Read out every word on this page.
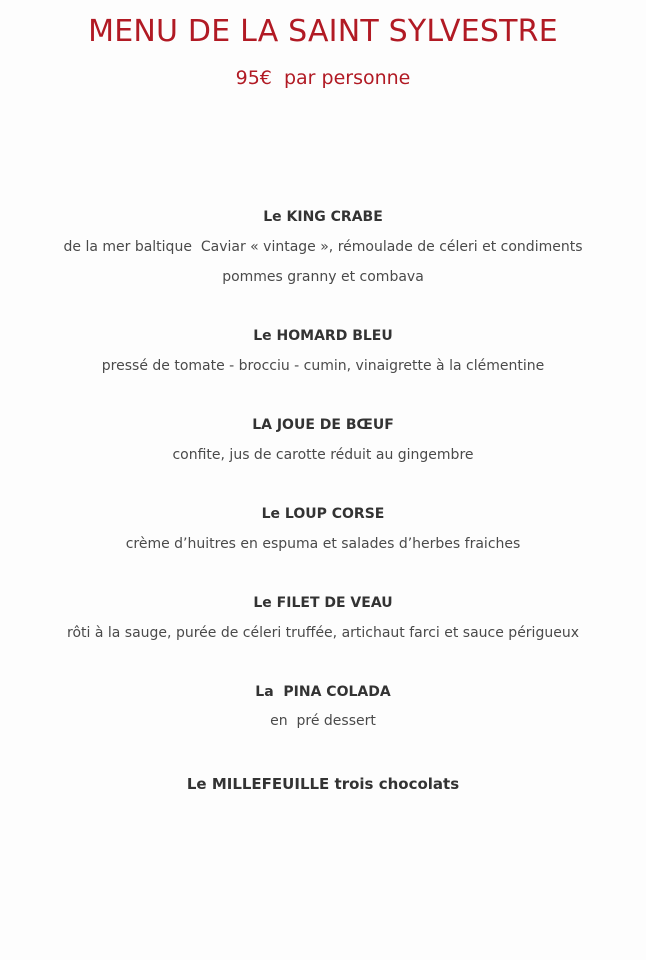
MENU DE LA SAINT SYLVESTRE
95€  par personne
Le KING CRABE
de la mer baltique  Caviar « vintage », rémoulade de céleri et condiments
pommes granny et combava
Le HOMARD BLEU
pressé de tomate - brocciu - cumin, vinaigrette à la clémentine
LA JOUE DE BŒUF
confite, jus de carotte réduit au gingembre
Le LOUP CORSE
crème d’huitres en espuma et salades d’herbes fraiches
Le FILET DE VEAU
rôti à la sauge, purée de céleri truffée, artichaut farci et sauce périgueux
La  PINA COLADA
en  pré dessert
Le MILLEFEUILLE trois chocolats
